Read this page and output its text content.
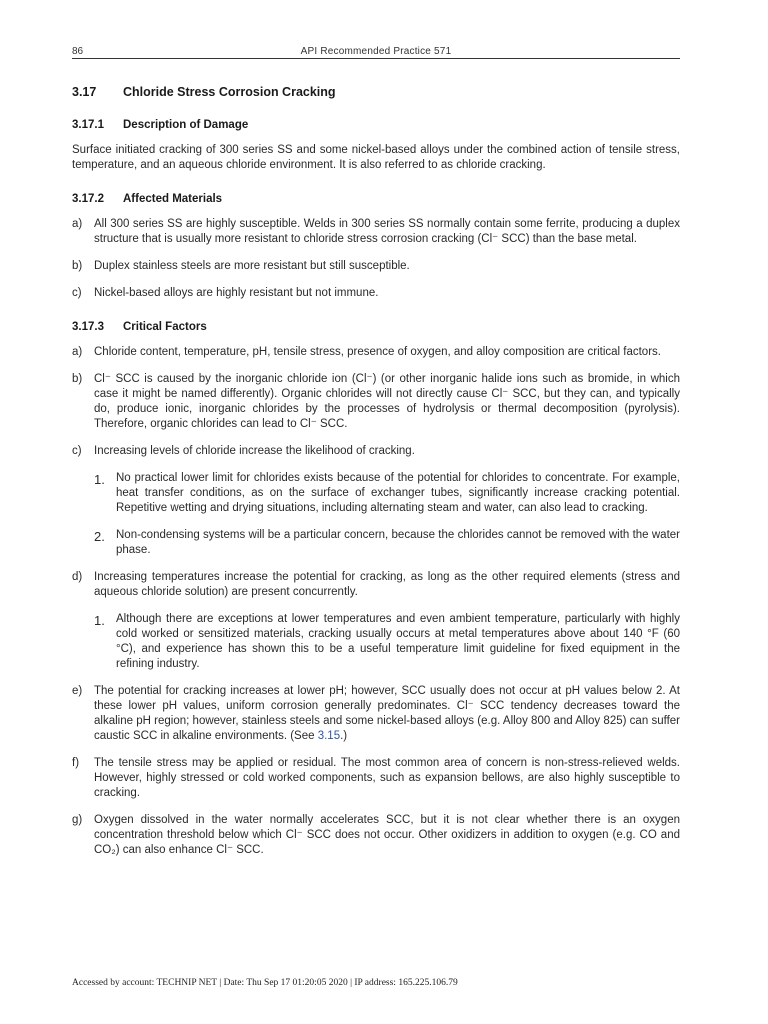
86	API Recommended Practice 571
3.17 Chloride Stress Corrosion Cracking
3.17.1 Description of Damage

Surface initiated cracking of 300 series SS and some nickel-based alloys under the combined action of tensile stress, temperature, and an aqueous chloride environment. It is also referred to as chloride cracking.

3.17.2 Affected Materials
a) All 300 series SS are highly susceptible. Welds in 300 series SS normally contain some ferrite, producing a duplex structure that is usually more resistant to chloride stress corrosion cracking (Cl⁻ SCC) than the base metal.
b) Duplex stainless steels are more resistant but still susceptible.
c) Nickel-based alloys are highly resistant but not immune.
3.17.3 Critical Factors
a) Chloride content, temperature, pH, tensile stress, presence of oxygen, and alloy composition are critical factors.
b) Cl⁻ SCC is caused by the inorganic chloride ion (Cl⁻) (or other inorganic halide ions such as bromide, in which case it might be named differently). Organic chlorides will not directly cause Cl⁻ SCC, but they can, and typically do, produce ionic, inorganic chlorides by the processes of hydrolysis or thermal decomposition (pyrolysis). Therefore, organic chlorides can lead to Cl⁻ SCC.
c) Increasing levels of chloride increase the likelihood of cracking.
1. No practical lower limit for chlorides exists because of the potential for chlorides to concentrate. For example, heat transfer conditions, as on the surface of exchanger tubes, significantly increase cracking potential. Repetitive wetting and drying situations, including alternating steam and water, can also lead to cracking.
2. Non-condensing systems will be a particular concern, because the chlorides cannot be removed with the water phase.
d) Increasing temperatures increase the potential for cracking, as long as the other required elements (stress and aqueous chloride solution) are present concurrently.
1. Although there are exceptions at lower temperatures and even ambient temperature, particularly with highly cold worked or sensitized materials, cracking usually occurs at metal temperatures above about 140 °F (60 °C), and experience has shown this to be a useful temperature limit guideline for fixed equipment in the refining industry.
e) The potential for cracking increases at lower pH; however, SCC usually does not occur at pH values below 2. At these lower pH values, uniform corrosion generally predominates. Cl⁻ SCC tendency decreases toward the alkaline pH region; however, stainless steels and some nickel-based alloys (e.g. Alloy 800 and Alloy 825) can suffer caustic SCC in alkaline environments. (See 3.15.)
f) The tensile stress may be applied or residual. The most common area of concern is non-stress-relieved welds. However, highly stressed or cold worked components, such as expansion bellows, are also highly susceptible to cracking.
g) Oxygen dissolved in the water normally accelerates SCC, but it is not clear whether there is an oxygen concentration threshold below which Cl⁻ SCC does not occur. Other oxidizers in addition to oxygen (e.g. CO and CO₂) can also enhance Cl⁻ SCC.
Accessed by account: TECHNIP NET | Date: Thu Sep 17 01:20:05 2020 | IP address: 165.225.106.79
